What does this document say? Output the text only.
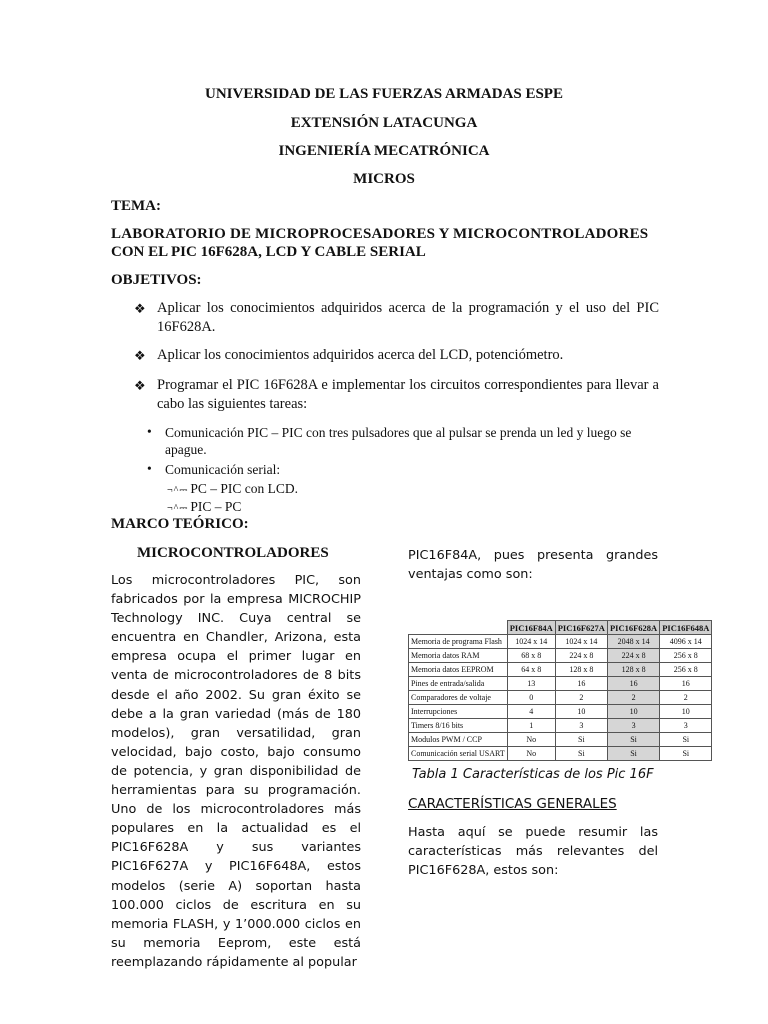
UNIVERSIDAD DE LAS FUERZAS ARMADAS ESPE
EXTENSIÓN LATACUNGA
INGENIERÍA MECATRÓNICA
MICROS
TEMA:
LABORATORIO DE MICROPROCESADORES Y MICROCONTROLADORES
CON EL PIC 16F628A, LCD Y CABLE SERIAL
OBJETIVOS:
❖ Aplicar los conocimientos adquiridos acerca de la programación y el uso del PIC 16F628A.
❖ Aplicar los conocimientos adquiridos acerca del LCD, potenciómetro.
❖ Programar el PIC 16F628A e implementar los circuitos correspondientes para llevar a cabo las siguientes tareas:
• Comunicación PIC – PIC con tres pulsadores que al pulsar se prenda un led y luego se apague.
• Comunicación serial:
¬^⎓ PC – PIC con LCD.
¬^⎓ PIC – PC
MARCO TEÓRICO:
MICROCONTROLADORES
Los microcontroladores PIC, son fabricados por la empresa MICROCHIP Technology INC. Cuya central se encuentra en Chandler, Arizona, esta empresa ocupa el primer lugar en venta de microcontroladores de 8 bits desde el año 2002. Su gran éxito se debe a la gran variedad (más de 180 modelos), gran versatilidad, gran velocidad, bajo costo, bajo consumo de potencia, y gran disponibilidad de herramientas para su programación. Uno de los microcontroladores más populares en la actualidad es el PIC16F628A y sus variantes PIC16F627A y PIC16F648A, estos modelos (serie A) soportan hasta 100.000 ciclos de escritura en su memoria FLASH, y 1’000.000 ciclos en su memoria Eeprom, este está reemplazando rápidamente al popular
PIC16F84A, pues presenta grandes ventajas como son:
	PIC16F84A	PIC16F627A	PIC16F628A	PIC16F648A
Memoria de programa Flash	1024 x 14	1024 x 14	2048 x 14	4096 x 14
Memoria datos RAM	68 x 8	224 x 8	224 x 8	256 x 8
Memoria datos EEPROM	64 x 8	128 x 8	128 x 8	256 x 8
Pines de entrada/salida	13	16	16	16
Comparadores de voltaje	0	2	2	2
Interrupciones	4	10	10	10
Timers 8/16 bits	1	3	3	3
Modulos PWM / CCP	No	Si	Si	Si
Comunicación serial USART	No	Si	Si	Si
Tabla 1 Características de los Pic 16F
CARACTERÍSTICAS GENERALES
Hasta aquí se puede resumir las características más relevantes del PIC16F628A, estos son:
